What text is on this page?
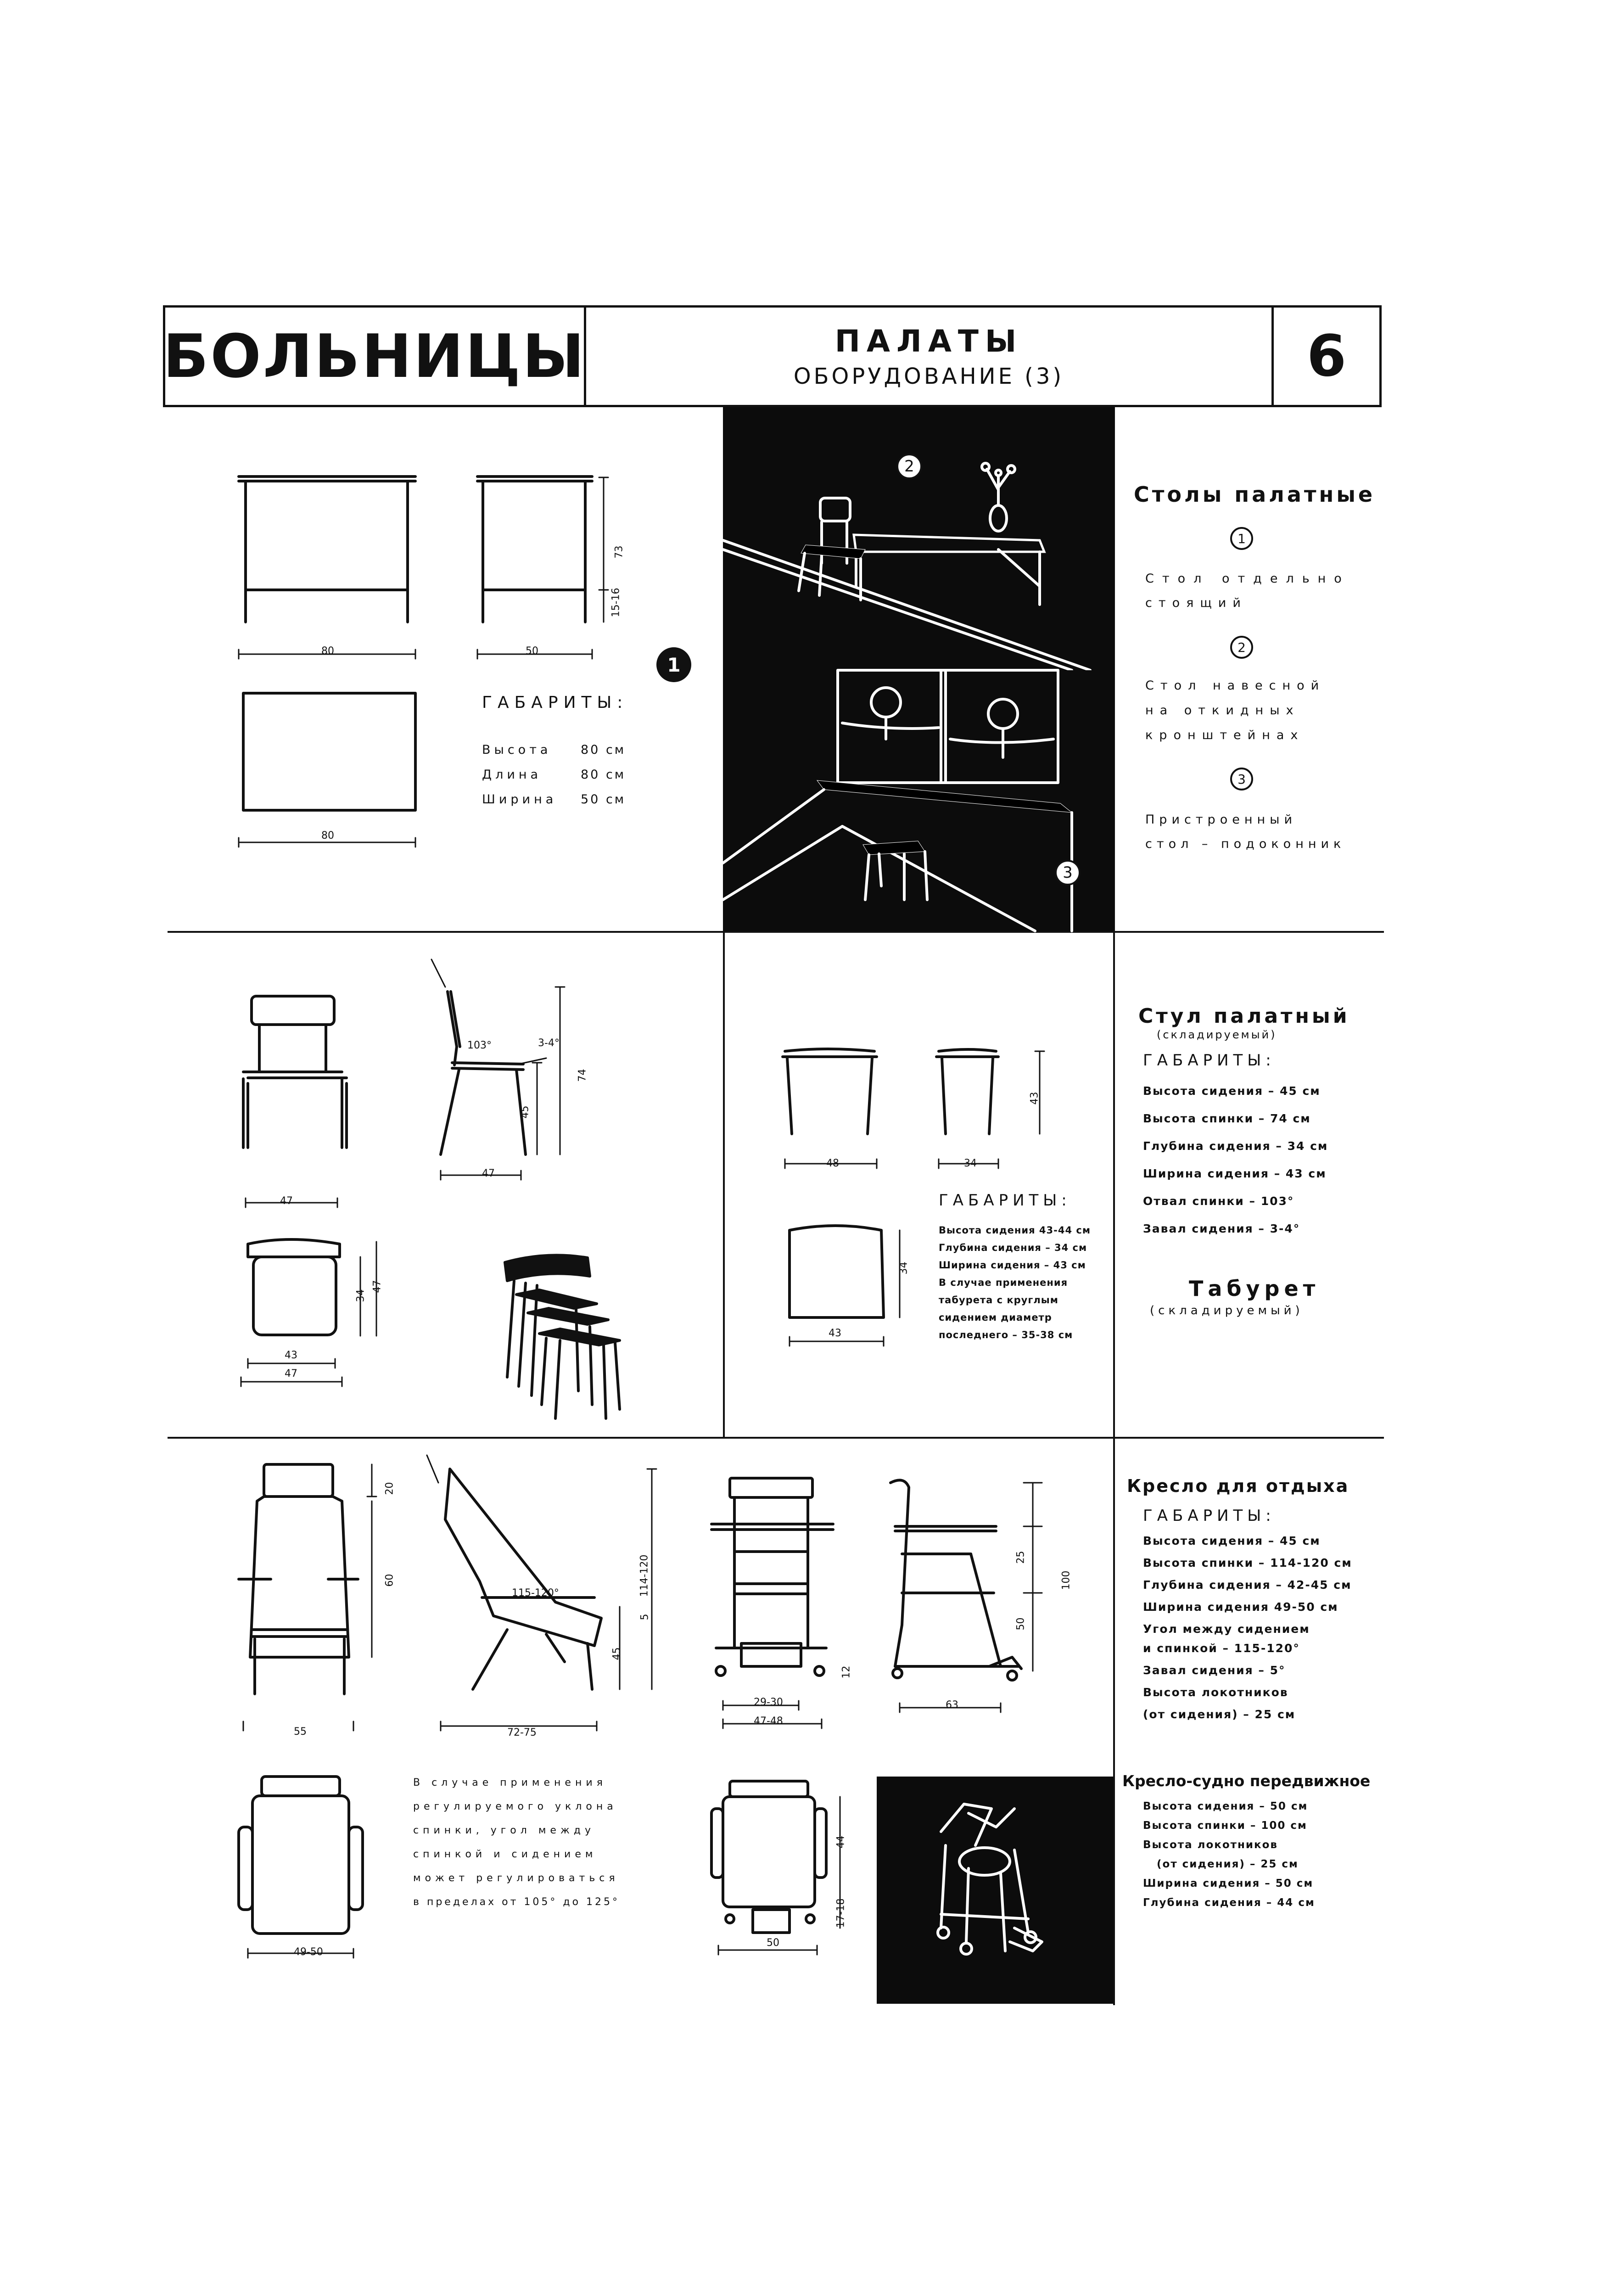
БОЛЬНИЦЫ	ПАЛАТЫ
ОБОРУДОВАНИЕ (3)	6
80	50
73
15-16
80
1
ГАБАРИТЫ:
Высота 80 см
Длина	80 см
Ширина 50 см
2
3
Столы палатные
1
Стол отдельно
стоящий
2
Стол навесной
на откидных
кронштейнах
3
Пристроенный
стол – подоконник
47
47
103°	3-4°
45
74
43
47
34
47
48	34
43
43
34
ГАБАРИТЫ:
Высота сидения 43-44 см
Глубина сидения – 34 см
Ширина сидения – 43 см
В случае применения
табурета с круглым
сидением диаметр
последнего – 35-38 см
Стул палатный
(складируемый)
ГАБАРИТЫ:
Высота сидения – 45 см
Высота спинки – 74 см
Глубина сидения – 34 см
Ширина сидения – 43 см
Отвал спинки – 103°
Завал сидения – 3-4°
Табурет
(складируемый)
55
20
60
72-75
115-120°
45
114-120
5
49-50
В случае применения
регулируемого уклона
спинки, угол между
спинкой и сидением
может регулироваться
в пределах от 105° до 125°
29-30
47-48
12
63
25
100
50
50
44
17-18
Кресло для отдыха
ГАБАРИТЫ:
Высота сидения – 45 см
Высота спинки – 114-120 см
Глубина сидения – 42-45 см
Ширина сидения 49-50 см
Угол между сидением
и спинкой – 115-120°
Завал сидения – 5°
Высота локотников
(от сидения) – 25 см
Кресло-судно передвижное
Высота сидения – 50 см
Высота спинки – 100 см
Высота локотников
(от сидения) – 25 см
Ширина сидения – 50 см
Глубина сидения – 44 см
